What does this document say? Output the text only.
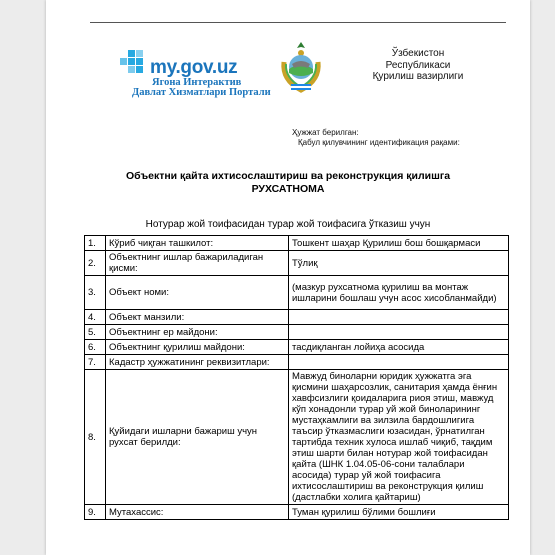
my.gov.uz
Ягона Интерактив
Давлат Хизматлари Портали
Ўзбекистон
Республикаси
Қурилиш вазирлиги
Ҳужжат берилган:
Қабул қилувчининг идентификация рақами:
Объектни қайта ихтисослаштириш ва реконструкция қилишга
РУХСАТНОМА
Нотурар жой тоифасидан турар жой тоифасига ўтказиш учун
1.	Кўриб чиқган ташкилот:	Тошкент шаҳар Қурилиш бош бошқармаси
2.	Объектнинг ишлар бажариладиган қисми:	Тўлиқ
3.	Объект номи:	(мазкур рухсатнома қурилиш ва монтаж ишларини бошлаш учун асос хисобланмайди)
4.	Объект манзили:	
5.	Объектнинг ер майдони:	
6.	Объектнинг қурилиш майдони:	тасдиқланган лойиҳа асосида
7.	Кадастр ҳужжатининг реквизитлари:	
8.	Қуйидаги ишларни бажариш учун рухсат берилди:	Мавжуд биноларни юридик ҳужжатга эга қисмини шаҳарсозлик, санитария ҳамда ёнғин хавфсизлиги қоидаларига риоя этиш, мавжуд кўп хонадонли турар уй жой биноларининг мустаҳкамлиги ва зилзила бардошлигига таъсир ўтказмаслиги юзасидан, ўрнатилган тартибда техник хулоса ишлаб чиқиб, тақдим этиш шарти билан нотурар жой тоифасидан қайта (ШНК 1.04.05-06-сони талаблари асосида) турар уй жой тоифасига ихтисослаштириш ва реконструкция қилиш (дастлабки холига қайтариш)
9.	Мутахассис:	Туман қурилиш бўлими бошлиғи
